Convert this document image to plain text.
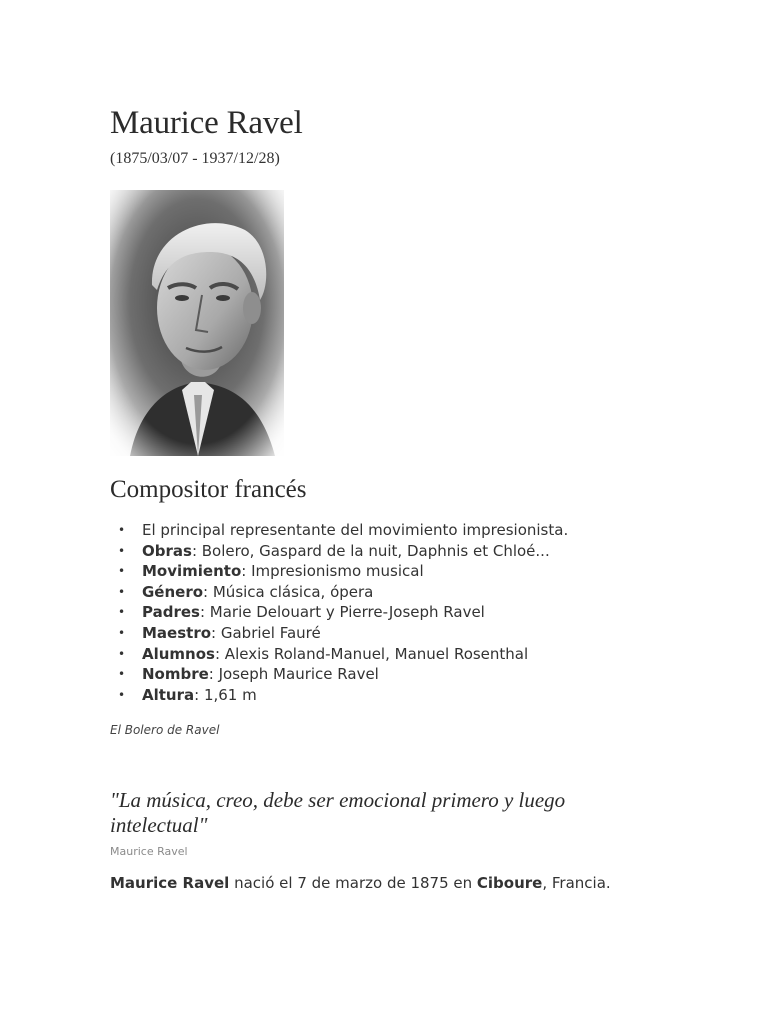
Maurice Ravel
(1875/03/07 - 1937/12/28)
Compositor francés
• El principal representante del movimiento impresionista.
• Obras: Bolero, Gaspard de la nuit, Daphnis et Chloé...
• Movimiento: Impresionismo musical
• Género: Música clásica, ópera
• Padres: Marie Delouart y Pierre-Joseph Ravel
• Maestro: Gabriel Fauré
• Alumnos: Alexis Roland-Manuel, Manuel Rosenthal
• Nombre: Joseph Maurice Ravel
• Altura: 1,61 m
El Bolero de Ravel
"La música, creo, debe ser emocional primero y luego intelectual"
Maurice Ravel

Maurice Ravel nació el 7 de marzo de 1875 en Ciboure, Francia.
